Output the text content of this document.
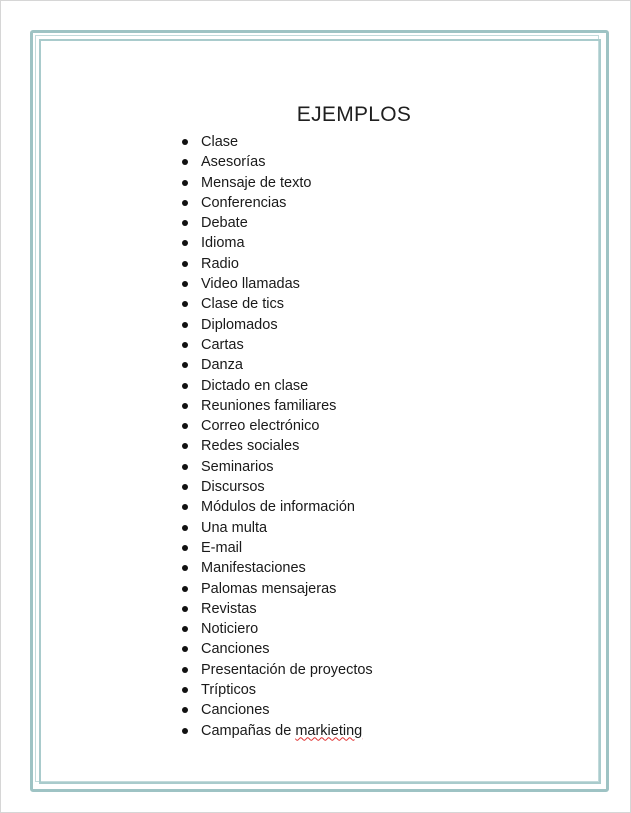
EJEMPLOS
Clase
Asesorías
Mensaje de texto
Conferencias
Debate
Idioma
Radio
Video llamadas
Clase de tics
Diplomados
Cartas
Danza
Dictado en clase
Reuniones familiares
Correo electrónico
Redes sociales
Seminarios
Discursos
Módulos de información
Una multa
E-mail
Manifestaciones
Palomas mensajeras
Revistas
Noticiero
Canciones
Presentación de proyectos
Trípticos
Canciones
Campañas de markieting
